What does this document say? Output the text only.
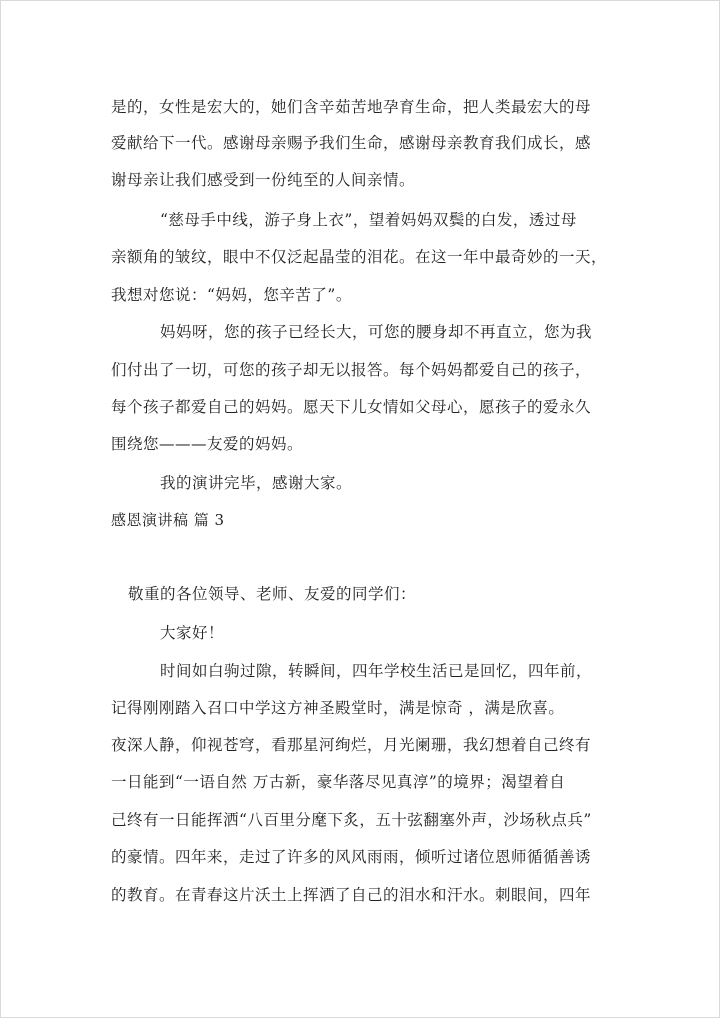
是的，女性是宏大的，她们含辛茹苦地孕育生命，把人类最宏大的母
爱献给下一代。感谢母亲赐予我们生命，感谢母亲教育我们成长，感
谢母亲让我们感受到一份纯至的人间亲情。
“慈母手中线，游子身上衣”，望着妈妈双鬓的白发，透过母
亲额角的皱纹，眼中不仅泛起晶莹的泪花。在这一年中最奇妙的一天，
我想对您说：“妈妈，您辛苦了”。
妈妈呀，您的孩子已经长大，可您的腰身却不再直立，您为我
们付出了一切，可您的孩子却无以报答。每个妈妈都爱自己的孩子，
每个孩子都爱自己的妈妈。愿天下儿女情如父母心，愿孩子的爱永久
围绕您———友爱的妈妈。
我的演讲完毕，感谢大家。
感恩演讲稿 篇 3
敬重的各位领导、老师、友爱的同学们：
大家好！
时间如白驹过隙，转瞬间，四年学校生活已是回忆，四年前，
记得刚刚踏入召口中学这方神圣殿堂时，满是惊奇 ，满是欣喜。
夜深人静，仰视苍穹，看那星河绚烂，月光阑珊，我幻想着自己终有
一日能到“一语自然 万古新，豪华落尽见真淳”的境界；渴望着自
己终有一日能挥洒“八百里分麾下炙，五十弦翻塞外声，沙场秋点兵”
的豪情。四年来，走过了许多的风风雨雨，倾听过诸位恩师循循善诱
的教育。在青春这片沃土上挥洒了自己的泪水和汗水。刺眼间，四年
